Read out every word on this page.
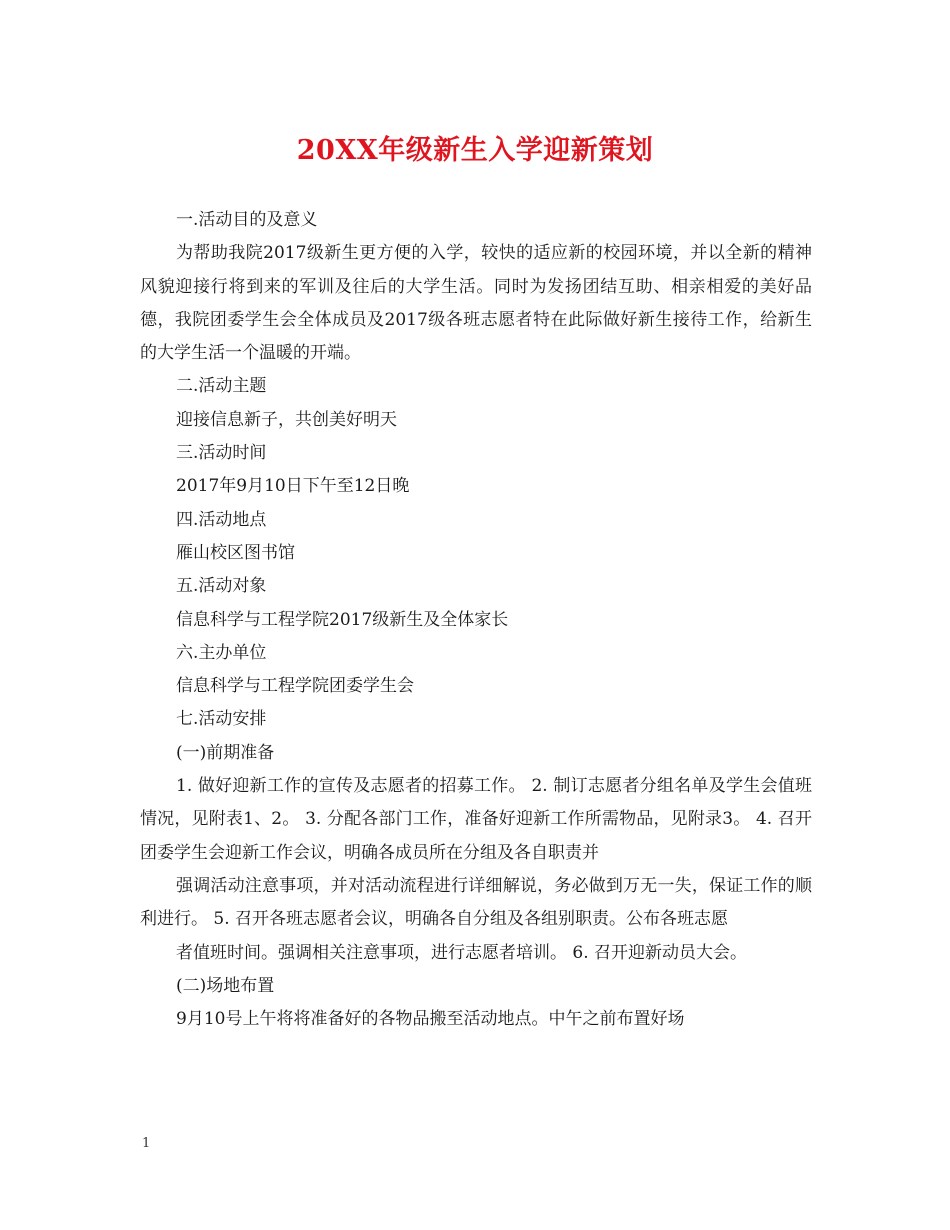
20XX年级新生入学迎新策划

一.活动目的及意义

为帮助我院2017级新生更方便的入学，较快的适应新的校园环境，并以全新的精神风貌迎接行将到来的军训及往后的大学生活。同时为发扬团结互助、相亲相爱的美好品德，我院团委学生会全体成员及2017级各班志愿者特在此际做好新生接待工作，给新生的大学生活一个温暖的开端。

二.活动主题

迎接信息新子，共创美好明天

三.活动时间

2017年9月10日下午至12日晚

四.活动地点

雁山校区图书馆

五.活动对象

信息科学与工程学院2017级新生及全体家长

六.主办单位

信息科学与工程学院团委学生会

七.活动安排

(一)前期准备

1. 做好迎新工作的宣传及志愿者的招募工作。 2. 制订志愿者分组名单及学生会值班情况，见附表1、2。 3. 分配各部门工作，准备好迎新工作所需物品，见附录3。 4. 召开团委学生会迎新工作会议，明确各成员所在分组及各自职责并

强调活动注意事项，并对活动流程进行详细解说，务必做到万无一失，保证工作的顺利进行。 5. 召开各班志愿者会议，明确各自分组及各组别职责。公布各班志愿

者值班时间。强调相关注意事项，进行志愿者培训。 6. 召开迎新动员大会。

(二)场地布置

9月10号上午将将准备好的各物品搬至活动地点。中午之前布置好场

1
